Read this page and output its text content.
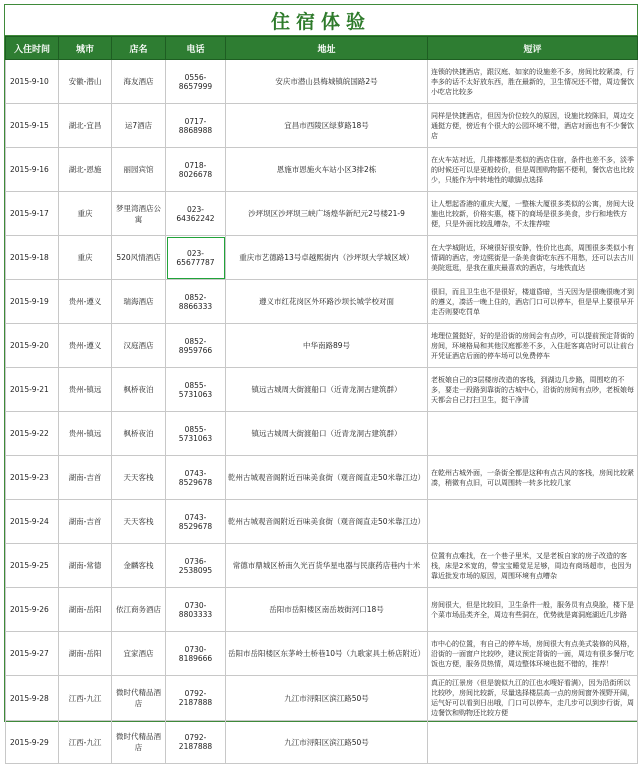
住宿体验
入住时间	城市	店名	电话	地址	短评
2015-9-10	安徽-潜山	海友酒店	0556-8657999	安庆市潜山县梅城镇皖国路2号	连锁的快捷酒店，跟汉庭、如家的设施差不多，房间比较紧凑，行李多的话不太好放东西，胜在最新的，卫生情况还不错，周边餐饮小吃店比较多
2015-9-15	湖北-宜昌	运7酒店	0717-8868988	宜昌市西陵区绿萝路18号	同样是快捷酒店，但因为价位较久的原因，设施比较陈旧，周边交通挺方便，傍近有个很大的公园环境不错，酒店对面也有不少餐饮店
2015-9-16	湖北-恩施	丽园宾馆	0718-8026678	恩施市恩施火车站小区3排2栋	在火车站对近，几排楼都是类似的酒店住宿，条件也差不多，淡季的时候还可以是更般较价，但是周围购物据不便利，餐饮店也比较少，只能作为中转地性的歇脚点选择
2015-9-17	重庆	梦里湾酒店公寓	023-64362242	沙坪坝区沙坪坝三峡广场煌华新纪元2号楼21-9	让人想起香港的重庆大厦，一整栋大厦很多类似的公寓，房间大设施也比较新，价格实惠，楼下的商场是很多美食，步行和地铁方便，只是外面比较乱嘈杂，不太推荐啦
2015-9-18	重庆	520风情酒店	023-65677787	重庆市艺德路13号卓越熙街内（沙坪坝大学城区域）	在大学城附近，环境很好很安静，性价比也高，周围很多类似小有情调的酒店，旁边熙街是一条美食街吃东西不用愁，还可以去古川美院逛逛，是我在重庆最喜欢的酒店，与地铁直达
2015-9-19	贵州-遵义	瑞海酒店	0852-8866333	遵义市红花岗区外环路沙坝长城学校对面	很旧，而且卫生也不是很好，楼道昏暗，当天因为是很晚很晚才到的遵义，凑活一晚上住的，酒店门口可以停车，但是早上要很早开走否则要吃罚单
2015-9-20	贵州-遵义	汉庭酒店	0852-8959766	中华南路89号	地理位置挺好，好的是沿街的房间会有点吵，可以提前预定背街的房间，环境格局和其他汉庭都差不多，入住赶客离店时可以让前台开凭证酒店后面的停车场可以免费停车
2015-9-21	贵州-镇远	枫桥夜泊	0855-5731063	镇远古城周大街渡船口（近青龙洞古建筑群）	老板娘自己的3层楼房改造的客栈，到湖边几步路，周围吃的不多，要走一段路到靠街的古城中心，沿街的房间有点吵，老板娘每天都会自己打扫卫生，挺干净清
2015-9-22	贵州-镇远	枫桥夜泊	0855-5731063	镇远古城周大街渡船口（近青龙洞古建筑群）	
2015-9-23	湖南-吉首	天天客栈	0743-8529678	乾州古城观音阁附近百味美食街（观音阁直走50米靠江边）	在乾州古城外面，一条街全都是这种有点古风的客栈，房间比较紧凑，稍微有点旧，可以周围转一转多比较几家
2015-9-24	湖南-吉首	天天客栈	0743-8529678	乾州古城观音阁附近百味美食街（观音阁直走50米靠江边）	
2015-9-25	湖南-常德	金麟客栈	0736-2538095	常德市鼎城区桥南久光百货华星电器与民康药店巷内十米	位置有点难找，在一个巷子里米，又是老板自家的房子改造的客栈，床是2米宽的，带宝宝睡觉足足够，周边有商场超市，也因为靠近批发市场的原因，周围环境有点嘈杂
2015-9-26	湖南-岳阳	依江商务酒店	0730-8803333	岳阳市岳阳楼区南岳坡街河口18号	房间很大，但是比较旧，卫生条件一般，服务员有点臭脸，楼下是个菜市场品类齐全，周边有些洞在，优势就是离洞庭湖近几步路
2015-9-27	湖南-岳阳	宜家酒店	0730-8189666	岳阳市岳阳楼区东茅岭土桥巷10号（九歌家具土桥店附近）	市中心的位置，有自己的停车场，房间很大有点美式装修的风格，沿街的一面窗户比较吵，建议预定背街的一面，周边有很多餐厅吃饭也方便，服务员热情，周边整体环境也挺不错的，推荐！
2015-9-28	江西-九江	微时代精品酒店	0792-2187888	九江市浔阳区滨江路50号	真正的江景房（但是貌似九江的江也水嗖好看满），因为沿街所以比较吵，房间比较新，尽量选择楼层高一点的房间窗外视野开阔，运气好可以看到日出哦，门口可以停车，走几步可以到步行街，周边餐饮和购物还比较方便
2015-9-29	江西-九江	微时代精品酒店	0792-2187888	九江市浔阳区滨江路50号	
